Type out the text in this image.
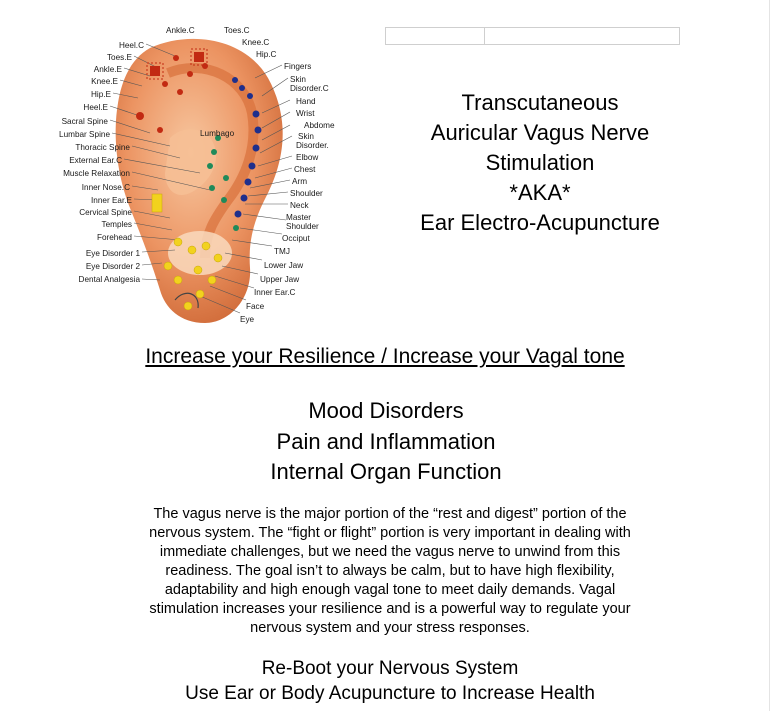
Heel.C
Toes.E
Ankle.E
Knee.E
Hip.E
Heel.E
Sacral Spine
Lumbar Spine
Thoracic Spine
External Ear.C
Muscle Relaxation
Inner Nose.C
Inner Ear.E
Cervical Spine
Temples
Forehead
Eye Disorder 1
Eye Disorder 2
Dental Analgesia
Ankle.C	Toes.C
Knee.C
Hip.C
Fingers
Skin
Disorder.C
Hand
Wrist
Abdome
Skin
Disorder.
Elbow
Chest
Arm
Shoulder
Neck
Master
Shoulder
Occiput
TMJ
Lower Jaw
Upper Jaw
Inner Ear.C
Face
Eye
Lumbago
Transcutaneous
Auricular Vagus Nerve
Stimulation
*AKA*
Ear Electro-Acupuncture
Increase your Resilience / Increase your Vagal tone
Mood Disorders
Pain and Inflammation
Internal Organ Function
The vagus nerve is the major portion of the “rest and digest” portion of the
nervous system. The “fight or flight” portion is very important in dealing with
immediate challenges, but we need the vagus nerve to unwind from this
readiness. The goal isn’t to always be calm, but to have high flexibility,
adaptability and high enough vagal tone to meet daily demands. Vagal
stimulation increases your resilience and is a powerful way to regulate your
nervous system and your stress responses.
Re-Boot your Nervous System
Use Ear or Body Acupuncture to Increase Health
